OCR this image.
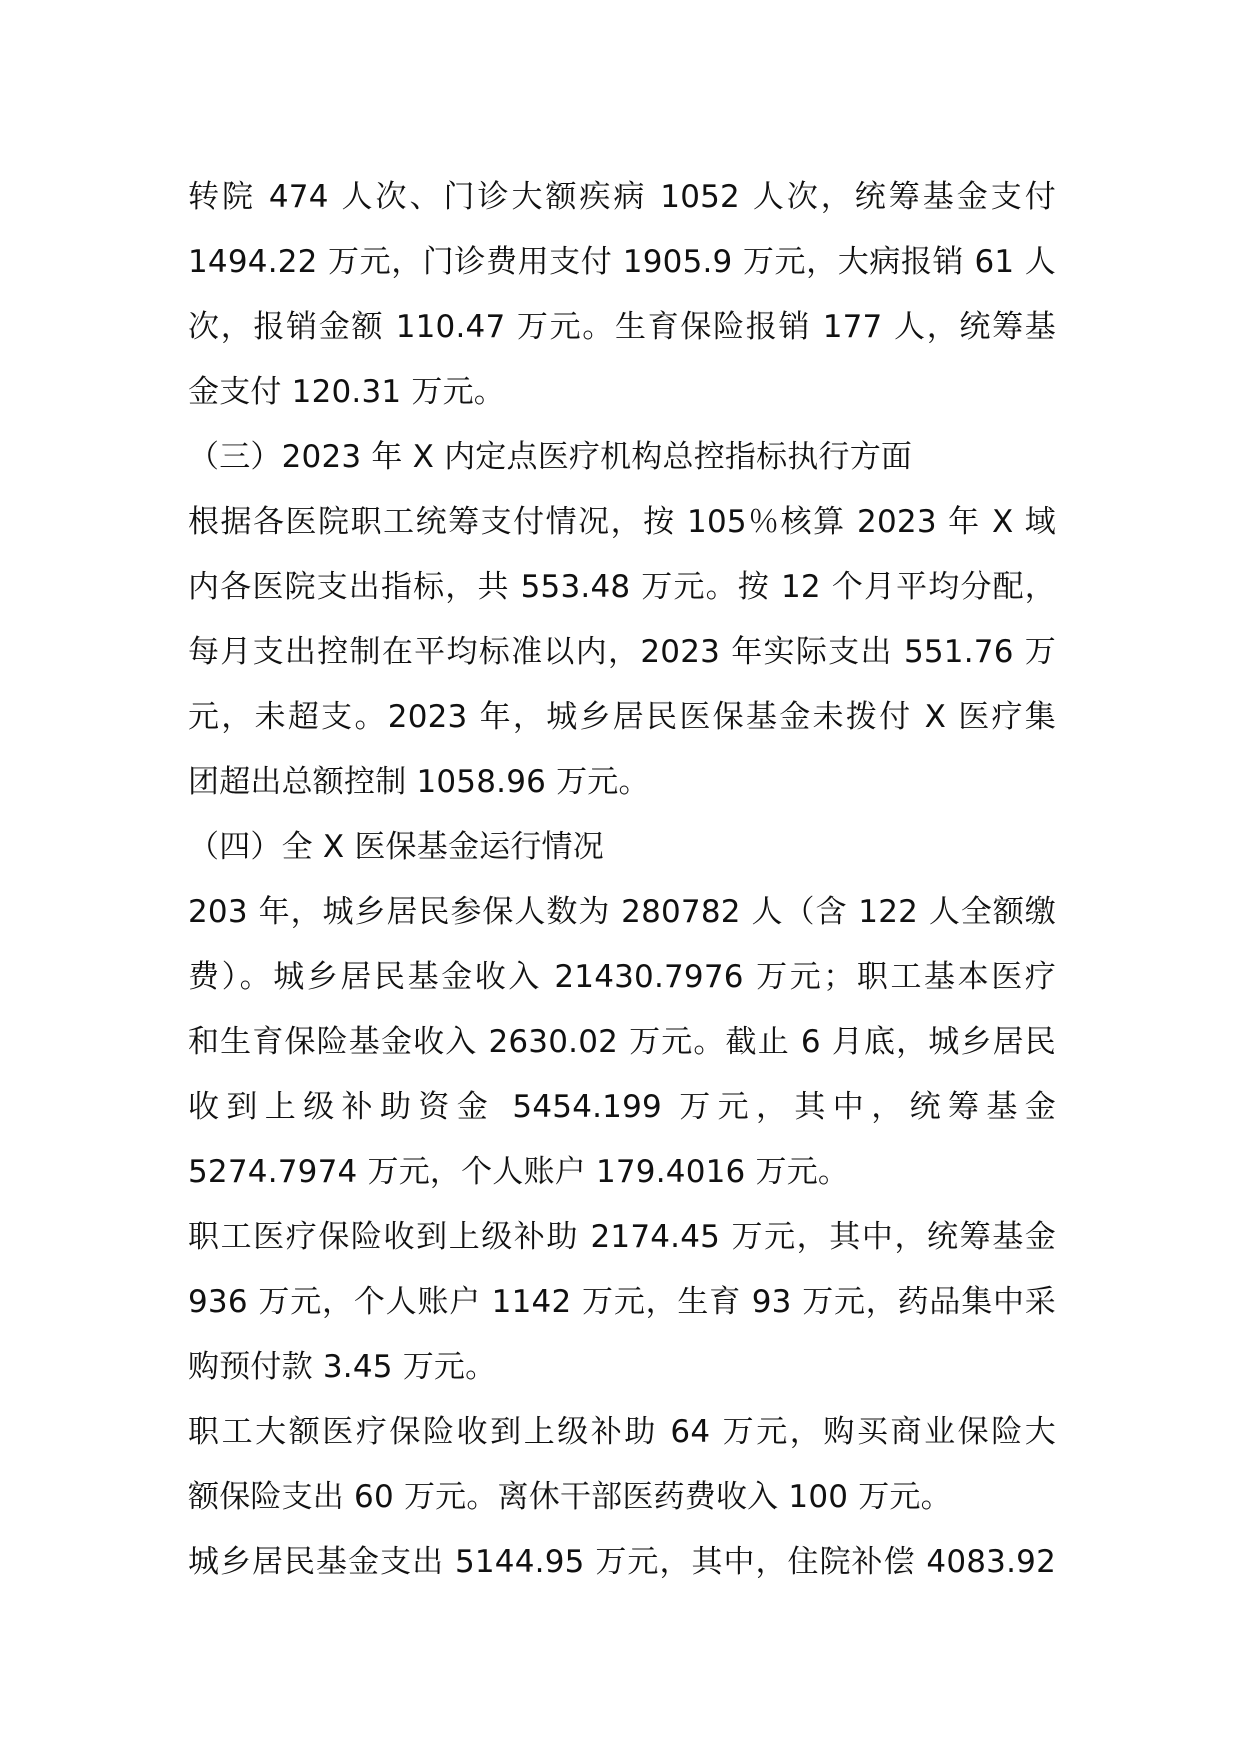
转院 474 人次、门诊大额疾病 1052 人次，统筹基金支付
1494.22 万元，门诊费用支付 1905.9 万元，大病报销 61 人
次，报销金额 110.47 万元。生育保险报销 177 人，统筹基
金支付 120.31 万元。
（三）2023 年 X 内定点医疗机构总控指标执行方面
根据各医院职工统筹支付情况，按 105％核算 2023 年 X 域
内各医院支出指标，共 553.48 万元。按 12 个月平均分配，
每月支出控制在平均标准以内，2023 年实际支出 551.76 万
元，未超支。2023 年，城乡居民医保基金未拨付 X 医疗集
团超出总额控制 1058.96 万元。
（四）全 X 医保基金运行情况
203 年，城乡居民参保人数为 280782 人（含 122 人全额缴
费）。城乡居民基金收入 21430.7976 万元；职工基本医疗
和生育保险基金收入 2630.02 万元。截止 6 月底，城乡居民
收到上级补助资金 5454.199 万元，其中，统筹基金
5274.7974 万元，个人账户 179.4016 万元。
职工医疗保险收到上级补助 2174.45 万元，其中，统筹基金
936 万元，个人账户 1142 万元，生育 93 万元，药品集中采
购预付款 3.45 万元。
职工大额医疗保险收到上级补助 64 万元，购买商业保险大
额保险支出 60 万元。离休干部医药费收入 100 万元。
城乡居民基金支出 5144.95 万元，其中，住院补偿 4083.92
